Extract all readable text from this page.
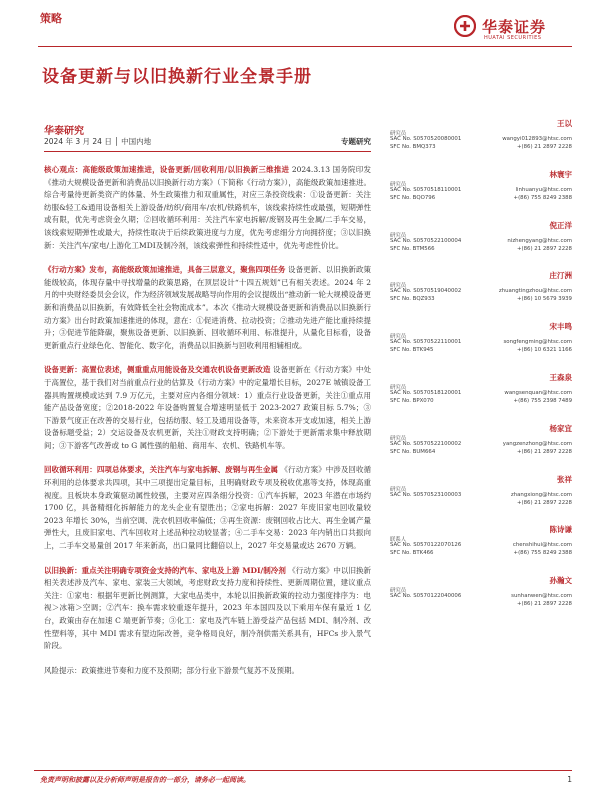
策略	华泰证券
HUATAI SECURITIES
设备更新与以旧换新行业全景手册
华泰研究
2024 年 3 月 24 日 │ 中国内地	专题研究

核心观点：高能级政策加速推进，设备更新/回收利用/以旧换新三维推进 2024.3.13 国务院印发《推动大规模设备更新和消费品以旧换新行动方案》（下简称《行动方案》），高能级政策加速推进。综合考量待更新类资产的体量、外生政策推力和双重属性，对应三条投资线索：①设备更新：关注纺服&轻工&通用设备相关上游设备/纺织/商用车/农机/铁路机车，该线索持续性或最强，短期弹性或有限，优先考虑资金久期；②回收循环利用：关注汽车家电拆解/废钢及再生金属/二手车交易，该线索短期弹性或最大，持续性取决于后续政策进度与力度，优先考虑细分方向拥挤度；③以旧换新：关注汽车/家电/上游化工MDI及制冷剂，该线索弹性和持续性适中，优先考虑性价比。

《行动方案》发布，高能级政策加速推进，具备三层意义，聚焦四项任务 设备更新、以旧换新政策能级较高，体现存量中寻找增量的政策思路，在顶层设计“十四五规划”已有相关表述。2024 年 2 月的中央财经委员会会议，作为经济领域发展战略导向作用的会议提级出“推动新一轮大规模设备更新和消费品以旧换新，有效降低全社会物流成本”。本次《推动大规模设备更新和消费品以旧换新行动方案》出台时政策加速推进的体现，意在：①促进消费、拉动投资；②推动先进产能比重持续提升；③促进节能降碳，聚焦设备更新、以旧换新、回收循环利用、标准提升，从量化目标看，设备更新重点行业绿色化、智能化、数字化，消费品以旧换新与回收利用相辅相成。

设备更新：高置位表述，侧重重点用能设备及交通农机设备更新改造 设备更新在《行动方案》中处于高置位，基于我们对当前重点行业的估算及《行动方案》中的定量增长目标，2027E 城镇设备工器具购置规模或达到 7.9 万亿元，主要对应内各细分领域：1）重点行业设备更新，关注①重点用能产品设备宽度；②2018-2022 年设备购置复合增速明显低于 2023-2027 政策目标 5.7%；③下游景气度正在改善的交易行业，包括纺服、轻工及通用设备等，未来资本开支或加速，相关上游设备标题受益；2）交运设备及农机更新，关注①财政支持明确；②下游处于更新需求集中释放期间；③下游客气改善或 to G 属性强的船舶、商用车、农机、铁路机车等。

回收循环利用：四项总体要求，关注汽车与家电拆解、废钢与再生金属 《行动方案》中涉及回收循环利用的总体要求共四项，其中三项提出定量目标，且明确财政专项及税收优惠等支持，体现高重视度。且板块本身政策驱动属性较强，主要对应四条细分投资：①汽车拆解，2023 年潜在市场约 1700 亿，具备精细化拆解能力的龙头企业有望胜出；②家电拆解：2027 年废旧家电回收量较 2023 年增长 30%，当前空调、洗衣机回收率偏低；③再生资源：废钢回收占比大、再生金属产量弹性大，且废旧家电、汽车回收对上述品种拉动较显著；④二手车交易：2023 年内销出口共振向上，二手车交易量创 2017 年来新高，出口量同比翻倍以上，2027 年交易量或达 2670 万辆。

以旧换新：重点关注明确专项资金支持的汽车、家电及上游 MDI/制冷剂 《行动方案》中以旧换新相关表述涉及汽车、家电、家装三大领域，考虑财政支持力度和持续性、更新周期位置，建议重点关注：①家电：根据年更新比例测算，大家电品类中，本轮以旧换新政策的拉动力强度排序为：电视＞冰箱＞空调；②汽车：换车需求较重逐年提升，2023 年本国四及以下乘用车保有量近 1 亿台，政策由存在加速 C 端更新节奏；③化工：家电及汽车链上游受益产品包括 MDI、制冷剂、改性塑料等，其中 MDI 需求有望边际改善，竞争格局良好，制冷剂供需关系具有，HFCs 步入景气阶段。

风险提示：政策推进节奏和力度不及预期；部分行业下游景气复苏不及预期。

王以
研究员
SAC No. S0570520080001	wangyi012893@htsc.com
SFC No. BMQ373	+(86) 21 2897 2228
林寰宇
研究员
SAC No. S0570518110001	linhuanyu@htsc.com
SFC No. BQO796	+(86) 755 8249 2388
倪正洋
研究员
SAC No. S0570522100004	nizhengyang@htsc.com
SFC No. BTM566	+(86) 21 2897 2228
庄汀洲
研究员
SAC No. S0570519040002	zhuangtingzhou@htsc.com
SFC No. BQZ933	+(86) 10 5679 3939
宋丰鸣
研究员
SAC No. S0570522110001	songfengming@htsc.com
SFC No. BTK945	+(86) 10 6321 1166
王森泉
研究员
SAC No. S0570518120001	wangsenquan@htsc.com
SFC No. BPX070	+(86) 755 2398 7489
杨家宜
研究员
SAC No. S0570522100002	yangzenzhong@htsc.com
SFC No. BUM664	+(86) 21 2897 2228
张祥
研究员
SAC No. S0570523100003	zhangxiong@htsc.com
+(86) 21 2897 2228
陈诗谦
联系人
SAC No. S0570122070126	chenshihui@htsc.com
SFC No. BTK466	+(86) 755 8249 2388
孙瀚文
研究员
SAC No. S0570122040006	sunhanwen@htsc.com
+(86) 21 2897 2228
免责声明和披露以及分析师声明是报告的一部分，请务必一起阅读。	1
